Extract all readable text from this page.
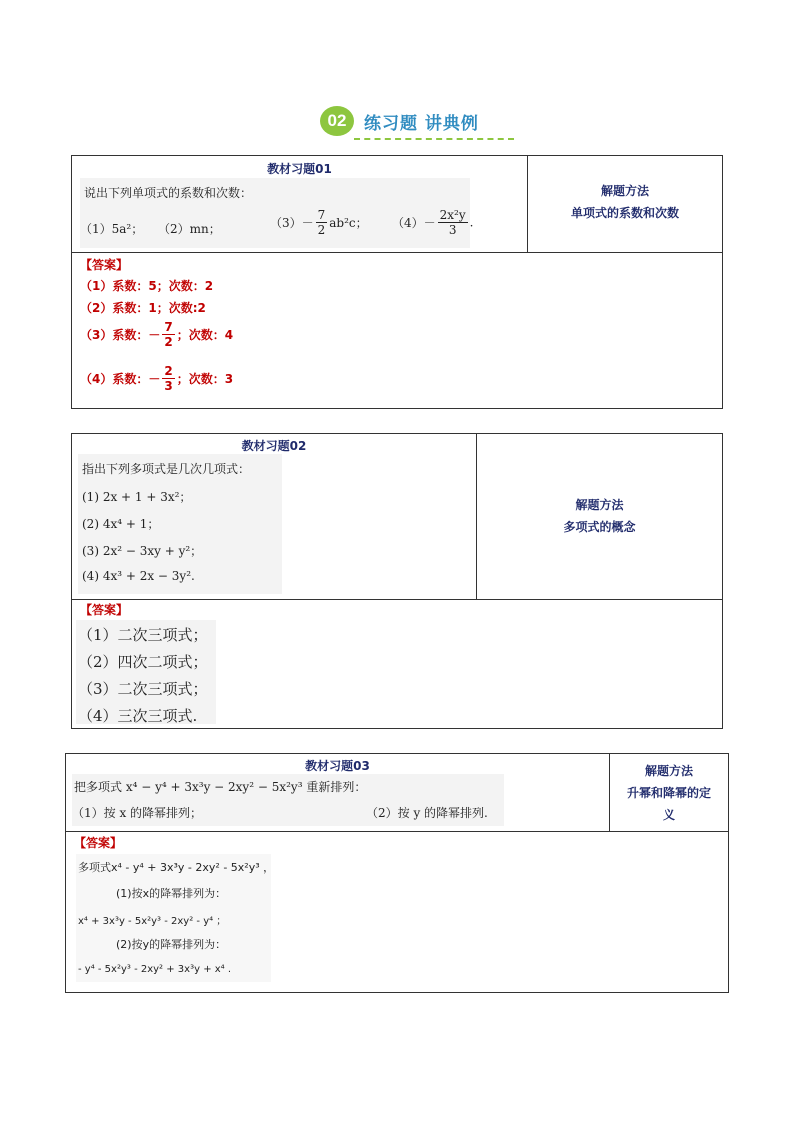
02	练习题 讲典例
教材习题01
说出下列单项式的系数和次数：
（1）5a²； （2）mn；	$(3)- \frac{7}{2} ab^2c$； $(4)- \frac{\text{2x²y}}{3}$ .
解题方法
单项式的系数和次数
【答案】
（1）系数：5；次数：2
（2）系数：1；次数:2
（3）系数：－ $\frac{7}{2}$ ；次数：4
（4）系数：－ $\frac{2}{3}$ ；次数：3
教材习题02
指出下列多项式是几次几项式：
(1) 2x + 1 + 3x²；
(2) 4x⁴ + 1；
(3) 2x² − 3xy + y²；
(4) 4x³ + 2x − 3y².
解题方法
多项式的概念
【答案】
（1）二次三项式；
（2）四次二项式；
（3）二次三项式；
（4）三次三项式.
教材习题03
把多项式 x⁴ − y⁴ + 3x³y − 2xy² − 5x²y³ 重新排列：
（1）按 x 的降幂排列；	（2）按 y 的降幂排列.
解题方法
升幂和降幂的定义
【答案】
多项式x⁴ - y⁴ + 3x³y - 2xy² - 5x²y³ ，
(1)按x的降幂排列为：
x⁴ + 3x³y - 5x²y³ - 2xy² - y⁴ ；
(2)按y的降幂排列为：
- y⁴ - 5x²y³ - 2xy² + 3x³y + x⁴ .
